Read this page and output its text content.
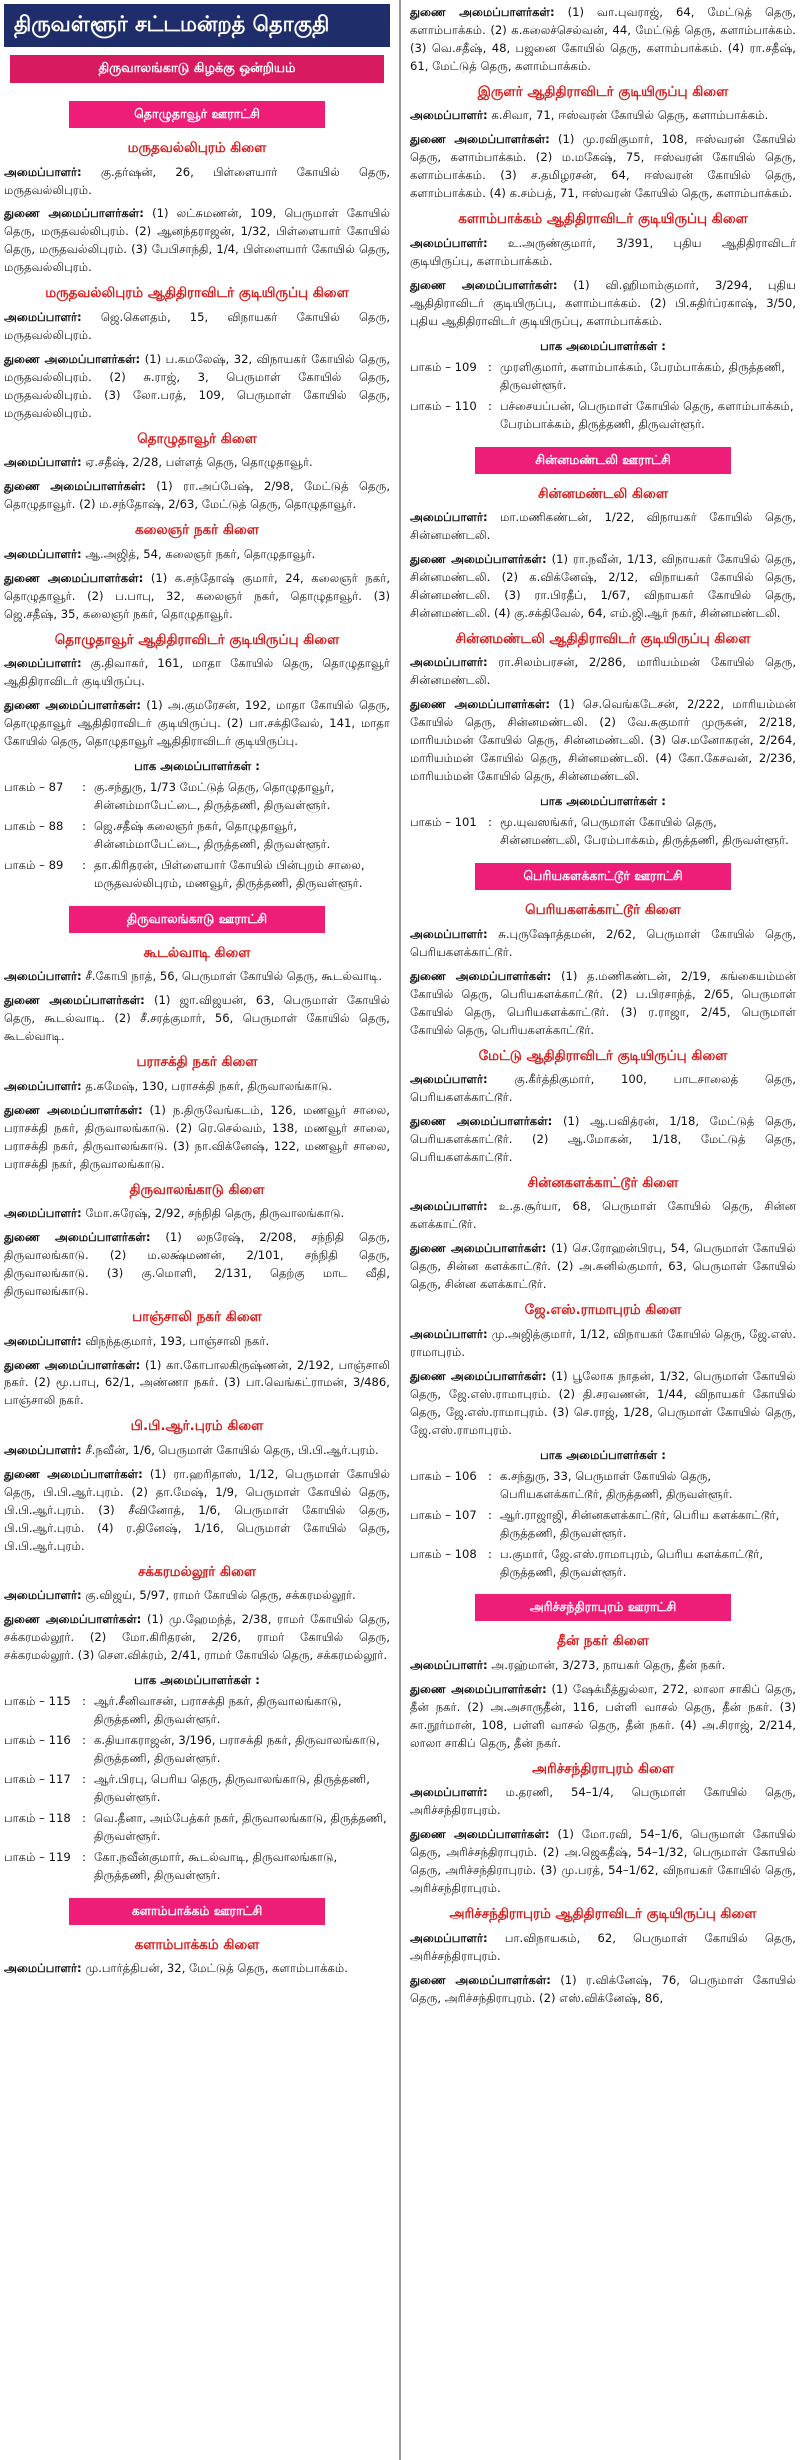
திருவள்ளூர் சட்டமன்றத் தொகுதி
திருவாலங்காடு கிழக்கு ஒன்றியம்
தொழுதாவூர் ஊராட்சி
மருதவல்லிபுரம் கிளை

அமைப்பாளர்: கு.தர்ஷன், 26, பிள்ளையார் கோயில் தெரு, மருதவல்லிபுரம்.

துணை அமைப்பாளர்கள்: (1) லட்சுமணன், 109, பெருமாள் கோயில் தெரு, மருதவல்லிபுரம். (2) ஆனந்தராஜன், 1/32, பிள்ளையார் கோயில் தெரு, மருதவல்லிபுரம். (3) பேபிசாந்தி, 1/4, பிள்ளையார் கோயில் தெரு, மருதவல்லிபுரம்.

மருதவல்லிபுரம் ஆதிதிராவிடர் குடியிருப்பு கிளை

அமைப்பாளர்: ஜெ.கௌதம், 15, விநாயகர் கோயில் தெரு, மருதவல்லிபுரம்.

துணை அமைப்பாளர்கள்: (1) ப.கமலேஷ், 32, விநாயகர் கோயில் தெரு, மருதவல்லிபுரம். (2) சு.ராஜ், 3, பெருமாள் கோயில் தெரு, மருதவல்லிபுரம். (3) லோ.பரத், 109, பெருமாள் கோயில் தெரு, மருதவல்லிபுரம்.

தொழுதாவூர் கிளை

அமைப்பாளர்: ஏ.சதீஷ், 2/28, பள்ளத் தெரு, தொழுதாவூர்.

துணை அமைப்பாளர்கள்: (1) ரா.அப்பேஷ், 2/98, மேட்டுத் தெரு, தொழுதாவூர். (2) ம.சந்தோஷ், 2/63, மேட்டுத் தெரு, தொழுதாவூர்.

கலைஞர் நகர் கிளை

அமைப்பாளர்: ஆ.அஜித், 54, கலைஞர் நகர், தொழுதாவூர்.

துணை அமைப்பாளர்கள்: (1) க.சந்தோஷ் குமார், 24, கலைஞர் நகர், தொழுதாவூர். (2) ப.பாபு, 32, கலைஞர் நகர், தொழுதாவூர். (3) ஜெ.சதீஷ், 35, கலைஞர் நகர், தொழுதாவூர்.

தொழுதாவூர் ஆதிதிராவிடர் குடியிருப்பு கிளை

அமைப்பாளர்: கு.திவாகர், 161, மாதா கோயில் தெரு, தொழுதாவூர் ஆதிதிராவிடர் குடியிருப்பு.

துணை அமைப்பாளர்கள்: (1) அ.குமரேசன், 192, மாதா கோயில் தெரு, தொழுதாவூர் ஆதிதிராவிடர் குடியிருப்பு. (2) பா.சக்திவேல், 141, மாதா கோயில் தெரு, தொழுதாவூர் ஆதிதிராவிடர் குடியிருப்பு.

பாக அமைப்பாளர்கள் :
பாகம் – 87	: கு.சந்துரு, 1/73 மேட்டுத் தெரு, தொழுதாவூர், சின்னம்மாபேட்டை, திருத்தணி, திருவள்ளூர்.
பாகம் – 88	: ஜெ.சதீஷ் கலைஞர் நகர், தொழுதாவூர், சின்னம்மாபேட்டை, திருத்தணி, திருவள்ளூர்.
பாகம் – 89	: தா.கிரிதரன், பிள்ளையார் கோயில் பின்புறம் சாலை, மருதவல்லிபுரம், மணவூர், திருத்தணி, திருவள்ளூர்.
திருவாலங்காடு ஊராட்சி
கூடல்வாடி கிளை

அமைப்பாளர்: சீ.கோபி நாத், 56, பெருமாள் கோயில் தெரு, கூடல்வாடி.

துணை அமைப்பாளர்கள்: (1) ஜா.விஜயன், 63, பெருமாள் கோயில் தெரு, கூடல்வாடி. (2) சீ.சரத்குமார், 56, பெருமாள் கோயில் தெரு, கூடல்வாடி.

பராசக்தி நகர் கிளை

அமைப்பாளர்: த.கமேஷ், 130, பராசக்தி நகர், திருவாலங்காடு.

துணை அமைப்பாளர்கள்: (1) ந.திருவேங்கடம், 126, மணவூர் சாலை, பராசக்தி நகர், திருவாலங்காடு. (2) ரெ.செல்வம், 138, மணவூர் சாலை, பராசக்தி நகர், திருவாலங்காடு. (3) நா.விக்னேஷ், 122, மணவூர் சாலை, பராசக்தி நகர், திருவாலங்காடு.

திருவாலங்காடு கிளை

அமைப்பாளர்: மோ.சுரேஷ், 2/92, சந்நிதி தெரு, திருவாலங்காடு.

துணை அமைப்பாளர்கள்: (1) லநரேஷ், 2/208, சந்நிதி தெரு, திருவாலங்காடு. (2) ம.லக்ஷ்மணன், 2/101, சந்நிதி தெரு, திருவாலங்காடு. (3) கு.மொளி, 2/131, தெற்கு மாட வீதி, திருவாலங்காடு.

பாஞ்சாலி நகர் கிளை

அமைப்பாளர்: விநந்தகுமார், 193, பாஞ்சாலி நகர்.

துணை அமைப்பாளர்கள்: (1) கா.கோபாலகிருஷ்ணன், 2/192, பாஞ்சாலி நகர். (2) மூ.பாபு, 62/1, அண்ணா நகர். (3) பா.வெங்கட்ராமன், 3/486, பாஞ்சாலி நகர்.

பி.பி.ஆர்.புரம் கிளை

அமைப்பாளர்: சீ.நவீன், 1/6, பெருமாள் கோயில் தெரு, பி.பி.ஆர்.புரம்.

துணை அமைப்பாளர்கள்: (1) ரா.ஹரிதாஸ், 1/12, பெருமாள் கோயில் தெரு, பி.பி.ஆர்.புரம். (2) தா.மேஷ், 1/9, பெருமாள் கோயில் தெரு, பி.பி.ஆர்.புரம். (3) சீவினோத், 1/6, பெருமாள் கோயில் தெரு, பி.பி.ஆர்.புரம். (4) ர.தினேஷ், 1/16, பெருமாள் கோயில் தெரு, பி.பி.ஆர்.புரம்.

சக்கரமல்லூர் கிளை

அமைப்பாளர்: கு.விஜய், 5/97, ராமர் கோயில் தெரு, சக்கரமல்லூர்.

துணை அமைப்பாளர்கள்: (1) மு.ஹேமந்த், 2/38, ராமர் கோயில் தெரு, சக்கரமல்லூர். (2) மோ.கிரிதரன், 2/26, ராமர் கோயில் தெரு, சக்கரமல்லூர். (3) சௌ.விக்ரம், 2/41, ராமர் கோயில் தெரு, சக்கரமல்லூர்.

பாக அமைப்பாளர்கள் :
பாகம் – 115 : ஆர்.சீனிவாசன், பராசக்தி நகர், திருவாலங்காடு, திருத்தணி, திருவள்ளூர்.
பாகம் – 116 : க.தியாகராஜன், 3/196, பராசக்தி நகர், திருவாலங்காடு, திருத்தணி, திருவள்ளூர்.
பாகம் – 117 : ஆர்.பிரபு, பெரிய தெரு, திருவாலங்காடு, திருத்தணி, திருவள்ளூர்.
பாகம் – 118 : வெ.தீனா, அம்பேத்கர் நகர், திருவாலங்காடு, திருத்தணி, திருவள்ளூர்.
பாகம் – 119 : கோ.நவீன்குமார், கூடல்வாடி, திருவாலங்காடு, திருத்தணி, திருவள்ளூர்.
களாம்பாக்கம் ஊராட்சி
களாம்பாக்கம் கிளை

அமைப்பாளர்: மு.பார்த்திபன், 32, மேட்டுத் தெரு, களாம்பாக்கம்.

துணை அமைப்பாளர்கள்: (1) வா.புவராஜ், 64, மேட்டுத் தெரு, களாம்பாக்கம். (2) க.கலைச்செல்வன், 44, மேட்டுத் தெரு, களாம்பாக்கம். (3) வெ.சதீஷ், 48, பஜனை கோயில் தெரு, களாம்பாக்கம். (4) ரா.சதீஷ், 61, மேட்டுத் தெரு, களாம்பாக்கம்.

இருளர் ஆதிதிராவிடர் குடியிருப்பு கிளை

அமைப்பாளர்: க.சிவா, 71, ஈஸ்வரன் கோயில் தெரு, களாம்பாக்கம்.

துணை அமைப்பாளர்கள்: (1) மு.ரவிகுமார், 108, ஈஸ்வரன் கோயில் தெரு, களாம்பாக்கம். (2) ம.மகேஷ், 75, ஈஸ்வரன் கோயில் தெரு, களாம்பாக்கம். (3) ச.தமிழரசன், 64, ஈஸ்வரன் கோயில் தெரு, களாம்பாக்கம். (4) க.சம்பத், 71, ஈஸ்வரன் கோயில் தெரு, களாம்பாக்கம்.

களாம்பாக்கம் ஆதிதிராவிடர் குடியிருப்பு கிளை

அமைப்பாளர்: உ.அருண்குமார், 3/391, புதிய ஆதிதிராவிடர் குடியிருப்பு, களாம்பாக்கம்.

துணை அமைப்பாளர்கள்: (1) வி.ஹிமாம்குமார், 3/294, புதிய ஆதிதிராவிடர் குடியிருப்பு, களாம்பாக்கம். (2) பி.சுதிர்ப்ரகாஷ், 3/50, புதிய ஆதிதிராவிடர் குடியிருப்பு, களாம்பாக்கம்.

பாக அமைப்பாளர்கள் :
பாகம் – 109 : முரளிகுமார், களாம்பாக்கம், பேரம்பாக்கம், திருத்தணி, திருவள்ளூர்.
பாகம் – 110 : பச்சையப்பன், பெருமாள் கோயில் தெரு, களாம்பாக்கம், பேரம்பாக்கம், திருத்தணி, திருவள்ளூர்.
சின்னமண்டலி ஊராட்சி
சின்னமண்டலி கிளை

அமைப்பாளர்: மா.மணிகண்டன், 1/22, விநாயகர் கோயில் தெரு, சின்னமண்டலி.

துணை அமைப்பாளர்கள்: (1) ரா.நவீன், 1/13, விநாயகர் கோயில் தெரு, சின்னமண்டலி. (2) க.விக்னேஷ், 2/12, விநாயகர் கோயில் தெரு, சின்னமண்டலி. (3) ரா.பிரதீப், 1/67, விநாயகர் கோயில் தெரு, சின்னமண்டலி. (4) கு.சக்திவேல், 64, எம்.ஜி.ஆர் நகர், சின்னமண்டலி.

சின்னமண்டலி ஆதிதிராவிடர் குடியிருப்பு கிளை

அமைப்பாளர்: ரா.சிலம்பரசன், 2/286, மாரியம்மன் கோயில் தெரு, சின்னமண்டலி.

துணை அமைப்பாளர்கள்: (1) செ.வெங்கடேசன், 2/222, மாரியம்மன் கோயில் தெரு, சின்னமண்டலி. (2) வே.சுகுமார் முருகன், 2/218, மாரியம்மன் கோயில் தெரு, சின்னமண்டலி. (3) செ.மனோகரன், 2/264, மாரியம்மன் கோயில் தெரு, சின்னமண்டலி. (4) கோ.கேசவன், 2/236, மாரியம்மன் கோயில் தெரு, சின்னமண்டலி.

பாக அமைப்பாளர்கள் :
பாகம் – 101 : மூ.யுவஸங்கர், பெருமாள் கோயில் தெரு, சின்னமண்டலி, பேரம்பாக்கம், திருத்தணி, திருவள்ளூர்.
பெரியகளக்காட்டூர் ஊராட்சி
பெரியகளக்காட்டூர் கிளை

அமைப்பாளர்: சு.புருஷோத்தமன், 2/62, பெருமாள் கோயில் தெரு, பெரியகளக்காட்டூர்.

துணை அமைப்பாளர்கள்: (1) த.மணிகண்டன், 2/19, கங்கையம்மன் கோயில் தெரு, பெரியகளக்காட்டூர். (2) ப.பிரசாந்த், 2/65, பெருமாள் கோயில் தெரு, பெரியகளக்காட்டூர். (3) ர.ராஜா, 2/45, பெருமாள் கோயில் தெரு, பெரியகளக்காட்டூர்.

மேட்டு ஆதிதிராவிடர் குடியிருப்பு கிளை

அமைப்பாளர்: கு.கீர்த்திகுமார், 100, பாடசாலைத் தெரு, பெரியகளக்காட்டூர்.

துணை அமைப்பாளர்கள்: (1) ஆ.பவித்ரன், 1/18, மேட்டுத் தெரு, பெரியகளக்காட்டூர். (2) ஆ.மோகன், 1/18, மேட்டுத் தெரு, பெரியகளக்காட்டூர்.

சின்னகளக்காட்டூர் கிளை

அமைப்பாளர்: உ.த.சூர்யா, 68, பெருமாள் கோயில் தெரு, சின்ன களக்காட்டூர்.

துணை அமைப்பாளர்கள்: (1) செ.ரோஹன்பிரபு, 54, பெருமாள் கோயில் தெரு, சின்ன களக்காட்டூர். (2) அ.சுனில்குமார், 63, பெருமாள் கோயில் தெரு, சின்ன களக்காட்டூர்.

ஜே.எஸ்.ராமாபுரம் கிளை

அமைப்பாளர்: மு.அஜித்குமார், 1/12, விநாயகர் கோயில் தெரு, ஜே.எஸ். ராமாபுரம்.

துணை அமைப்பாளர்கள்: (1) பூலோக நாதன், 1/32, பெருமாள் கோயில் தெரு, ஜே.எஸ்.ராமாபுரம். (2) தி.சரவணன், 1/44, விநாயகர் கோயில் தெரு, ஜே.எஸ்.ராமாபுரம். (3) செ.ராஜ், 1/28, பெருமாள் கோயில் தெரு, ஜே.எஸ்.ராமாபுரம்.

பாக அமைப்பாளர்கள் :
பாகம் – 106 : க.சந்துரு, 33, பெருமாள் கோயில் தெரு, பெரியகளக்காட்டூர், திருத்தணி, திருவள்ளூர்.
பாகம் – 107 : ஆர்.ராஜாஜி, சின்னகளக்காட்டூர், பெரிய களக்காட்டூர், திருத்தணி, திருவள்ளூர்.
பாகம் – 108 : ப.குமார், ஜே.எஸ்.ராமாபுரம், பெரிய களக்காட்டூர், திருத்தணி, திருவள்ளூர்.
அரிச்சந்திராபுரம் ஊராட்சி
தீன் நகர் கிளை

அமைப்பாளர்: அ.ரஹ்மான், 3/273, நாயகர் தெரு, தீன் நகர்.

துணை அமைப்பாளர்கள்: (1) ஷேக்மீத்துல்லா, 272, லாலா சாகிப் தெரு, தீன் நகர். (2) அ.அசாருதீன், 116, பள்ளி வாசல் தெரு, தீன் நகர். (3) சுா.நூர்மான், 108, பள்ளி வாசல் தெரு, தீன் நகர். (4) அ.சிராஜ், 2/214, லாலா சாகிப் தெரு, தீன் நகர்.

அரிச்சந்திராபுரம் கிளை

அமைப்பாளர்: ம.தரணி, 54–1/4, பெருமாள் கோயில் தெரு, அரிச்சந்திராபுரம்.

துணை அமைப்பாளர்கள்: (1) மோ.ரவி, 54–1/6, பெருமாள் கோயில் தெரு, அரிச்சந்திராபுரம். (2) அ.ஜெகதீஷ், 54–1/32, பெருமாள் கோயில் தெரு, அரிச்சந்திராபுரம். (3) மு.பரத், 54–1/62, விநாயகர் கோயில் தெரு, அரிச்சந்திராபுரம்.

அரிச்சந்திராபுரம் ஆதிதிராவிடர் குடியிருப்பு கிளை

அமைப்பாளர்: பா.விநாயகம், 62, பெருமாள் கோயில் தெரு, அரிச்சந்திராபுரம்.

துணை அமைப்பாளர்கள்: (1) ர.விக்னேஷ், 76, பெருமாள் கோயில் தெரு, அரிச்சந்திராபுரம். (2) எஸ்.விக்னேஷ், 86,
